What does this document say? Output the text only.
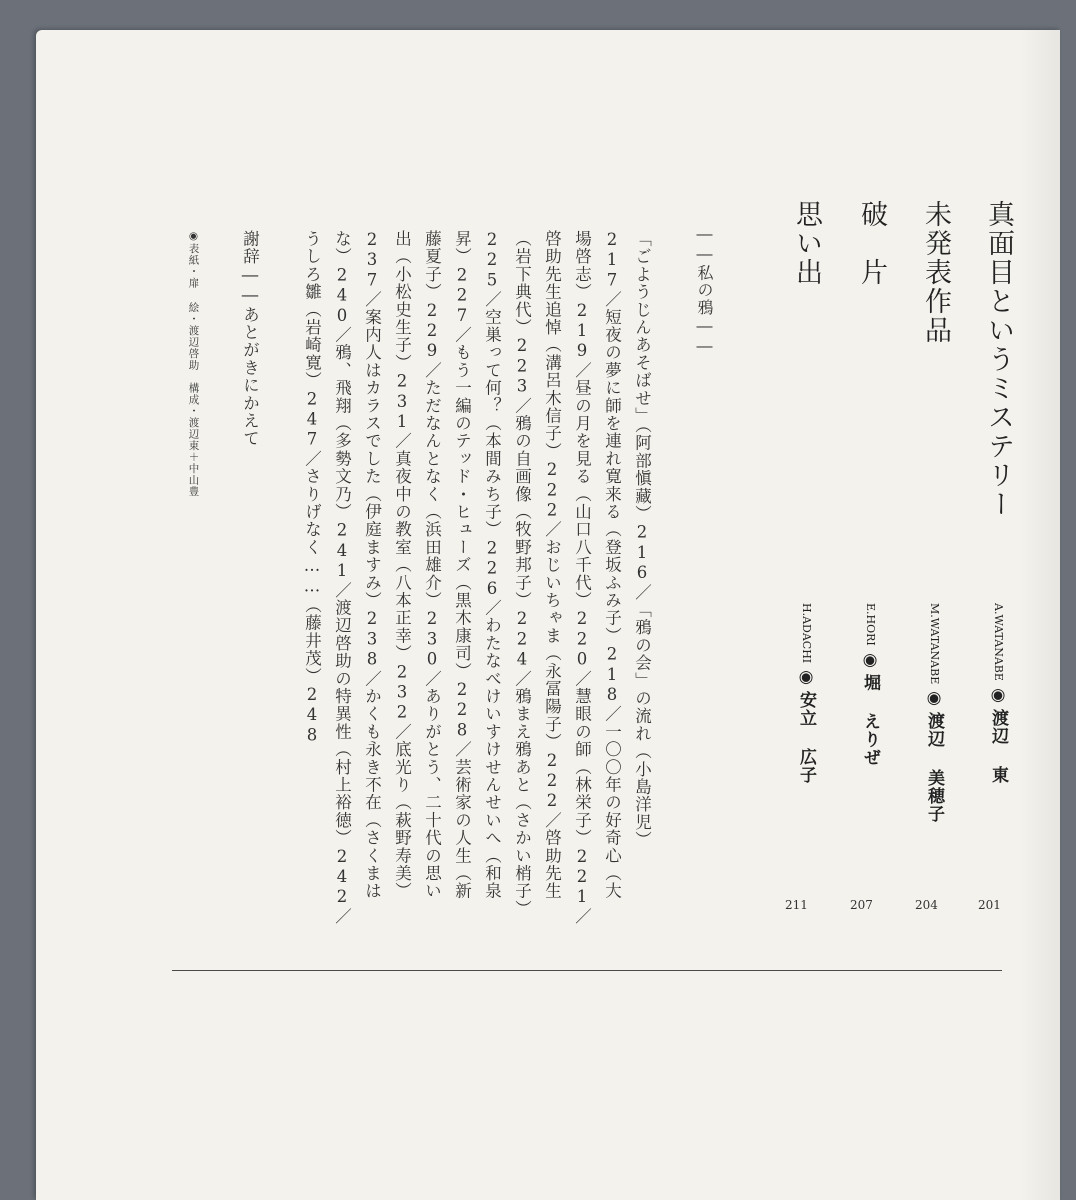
真面目というミステリー
未発表作品
破　片
思い出
A.WATANABE◉渡辺 東
M.WATANABE◉渡辺 美穂子
E.HORI◉堀 えりぜ
H.ADACHI◉安立 広子
201
204
207
211
――私の鴉――
「ごようじんあそばせ」（阿部愼藏）216／「鴉の会」の流れ（小島洋児）
217／短夜の夢に師を連れ寛来る（登坂ふみ子）218／一〇〇年の好奇心（大
場啓志）219／昼の月を見る（山口八千代）220／慧眼の師（林栄子）221／
啓助先生追悼（溝呂木信子）222／おじいちゃま（永冨陽子）222／啓助先生
（岩下典代）223／鴉の自画像（牧野邦子）224／鴉まえ鴉あと（さかい梢子）
225／空巣って何？（本間みち子）226／わたなべけいすけせんせいへ（和泉
昇）227／もう一編のテッド・ヒューズ（黒木康司）228／芸術家の人生（新
藤夏子）229／ただなんとなく（浜田雄介）230／ありがとう、二十代の思い
出（小松史生子）231／真夜中の教室（八本正幸）232／底光り（萩野寿美）
237／案内人はカラスでした（伊庭ますみ）238／かくも永き不在（さくまは
な）240／鴉、飛翔（多勢文乃）241／渡辺啓助の特異性（村上裕徳）242／
うしろ雛（岩崎寛）247／さりげなく……（藤井茂）248
謝辞――あとがきにかえて
◉表紙・扉 絵・渡辺啓助　構成・渡辺東＋中山豊
